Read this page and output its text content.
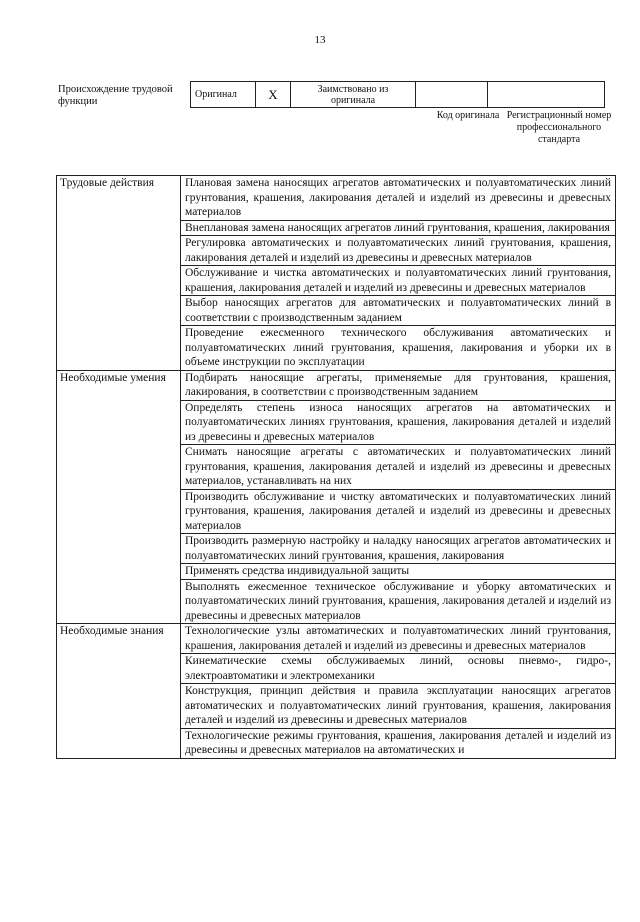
13
Происхождение трудовой функции
Оригинал	X	Заимствовано из оригинала		
Код оригинала Регистрационный номер профессионального стандарта
Трудовые действия	Плановая замена наносящих агрегатов автоматических и полуавтоматических линий грунтования, крашения, лакирования деталей и изделий из древесины и древесных материалов
	Внеплановая замена наносящих агрегатов линий грунтования, крашения, лакирования
	Регулировка автоматических и полуавтоматических линий грунтования, крашения, лакирования деталей и изделий из древесины и древесных материалов
	Обслуживание и чистка автоматических и полуавтоматических линий грунтования, крашения, лакирования деталей и изделий из древесины и древесных материалов
	Выбор наносящих агрегатов для автоматических и полуавтоматических линий в соответствии с производственным заданием
	Проведение ежесменного технического обслуживания автоматических и полуавтоматических линий грунтования, крашения, лакирования и уборки их в объеме инструкции по эксплуатации
Необходимые умения	Подбирать наносящие агрегаты, применяемые для грунтования, крашения, лакирования, в соответствии с производственным заданием
	Определять степень износа наносящих агрегатов на автоматических и полуавтоматических линиях грунтования, крашения, лакирования деталей и изделий из древесины и древесных материалов
	Снимать наносящие агрегаты с автоматических и полуавтоматических линий грунтования, крашения, лакирования деталей и изделий из древесины и древесных материалов, устанавливать на них
	Производить обслуживание и чистку автоматических и полуавтоматических линий грунтования, крашения, лакирования деталей и изделий из древесины и древесных материалов
	Производить размерную настройку и наладку наносящих агрегатов автоматических и полуавтоматических линий грунтования, крашения, лакирования
	Применять средства индивидуальной защиты
	Выполнять ежесменное техническое обслуживание и уборку автоматических и полуавтоматических линий грунтования, крашения, лакирования деталей и изделий из древесины и древесных материалов
Необходимые знания	Технологические узлы автоматических и полуавтоматических линий грунтования, крашения, лакирования деталей и изделий из древесины и древесных материалов
	Кинематические схемы обслуживаемых линий, основы пневмо-, гидро-, электроавтоматики и электромеханики
	Конструкция, принцип действия и правила эксплуатации наносящих агрегатов автоматических и полуавтоматических линий грунтования, крашения, лакирования деталей и изделий из древесины и древесных материалов
	Технологические режимы грунтования, крашения, лакирования деталей и изделий из древесины и древесных материалов на автоматических и
